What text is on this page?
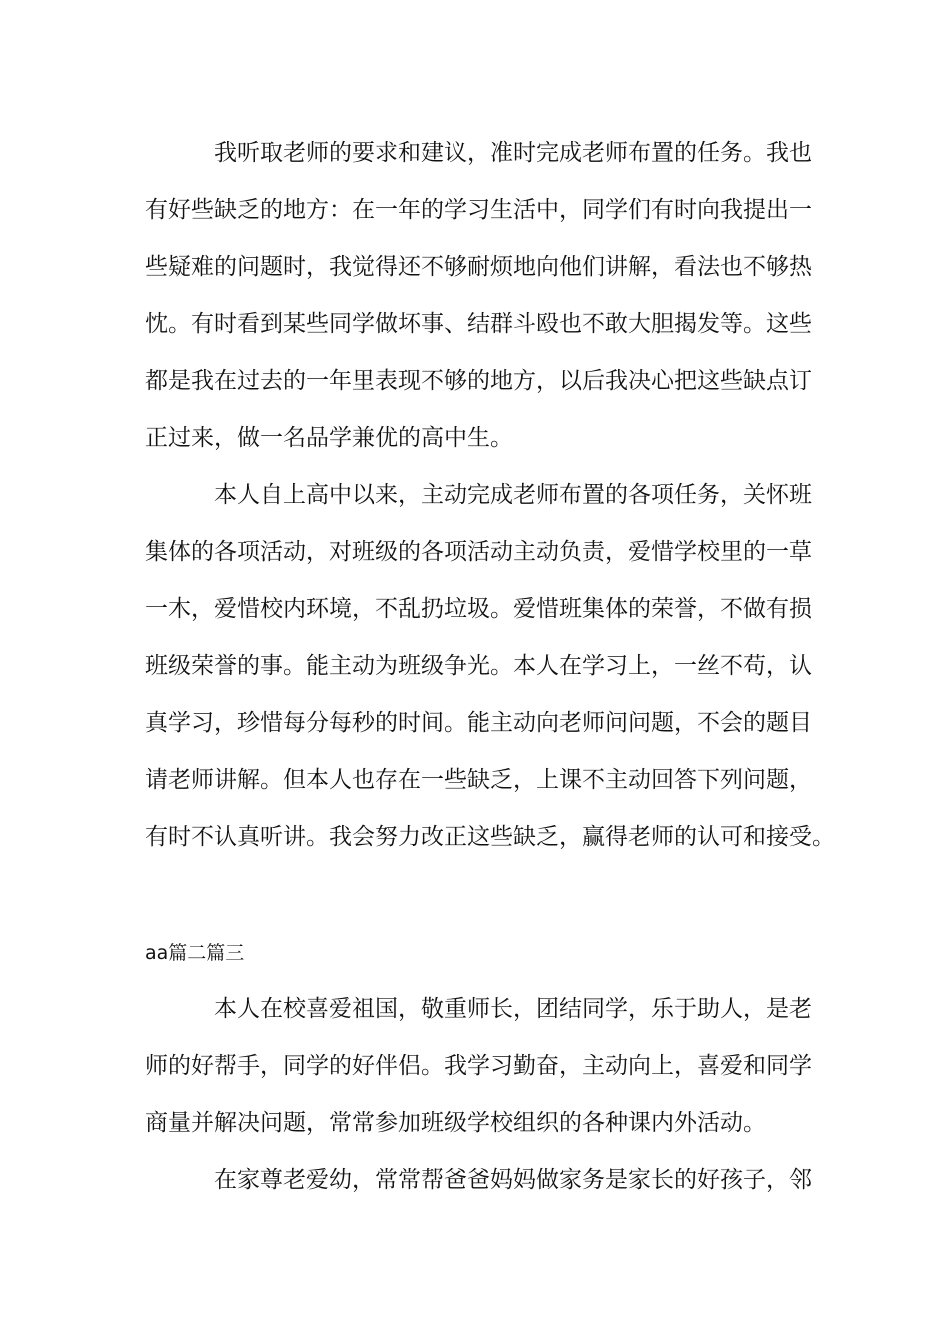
我听取老师的要求和建议，准时完成老师布置的任务。我也
有好些缺乏的地方：在一年的学习生活中，同学们有时向我提出一
些疑难的问题时，我觉得还不够耐烦地向他们讲解，看法也不够热
忱。有时看到某些同学做坏事、结群斗殴也不敢大胆揭发等。这些
都是我在过去的一年里表现不够的地方，以后我决心把这些缺点订
正过来，做一名品学兼优的高中生。
本人自上高中以来，主动完成老师布置的各项任务，关怀班
集体的各项活动，对班级的各项活动主动负责，爱惜学校里的一草
一木，爱惜校内环境，不乱扔垃圾。爱惜班集体的荣誉，不做有损
班级荣誉的事。能主动为班级争光。本人在学习上，一丝不苟，认
真学习，珍惜每分每秒的时间。能主动向老师问问题，不会的题目
请老师讲解。但本人也存在一些缺乏，上课不主动回答下列问题，
有时不认真听讲。我会努力改正这些缺乏，赢得老师的认可和接受。
aa篇二篇三
本人在校喜爱祖国，敬重师长，团结同学，乐于助人，是老
师的好帮手，同学的好伴侣。我学习勤奋，主动向上，喜爱和同学
商量并解决问题，常常参加班级学校组织的各种课内外活动。
在家尊老爱幼，常常帮爸爸妈妈做家务是家长的好孩子，邻
